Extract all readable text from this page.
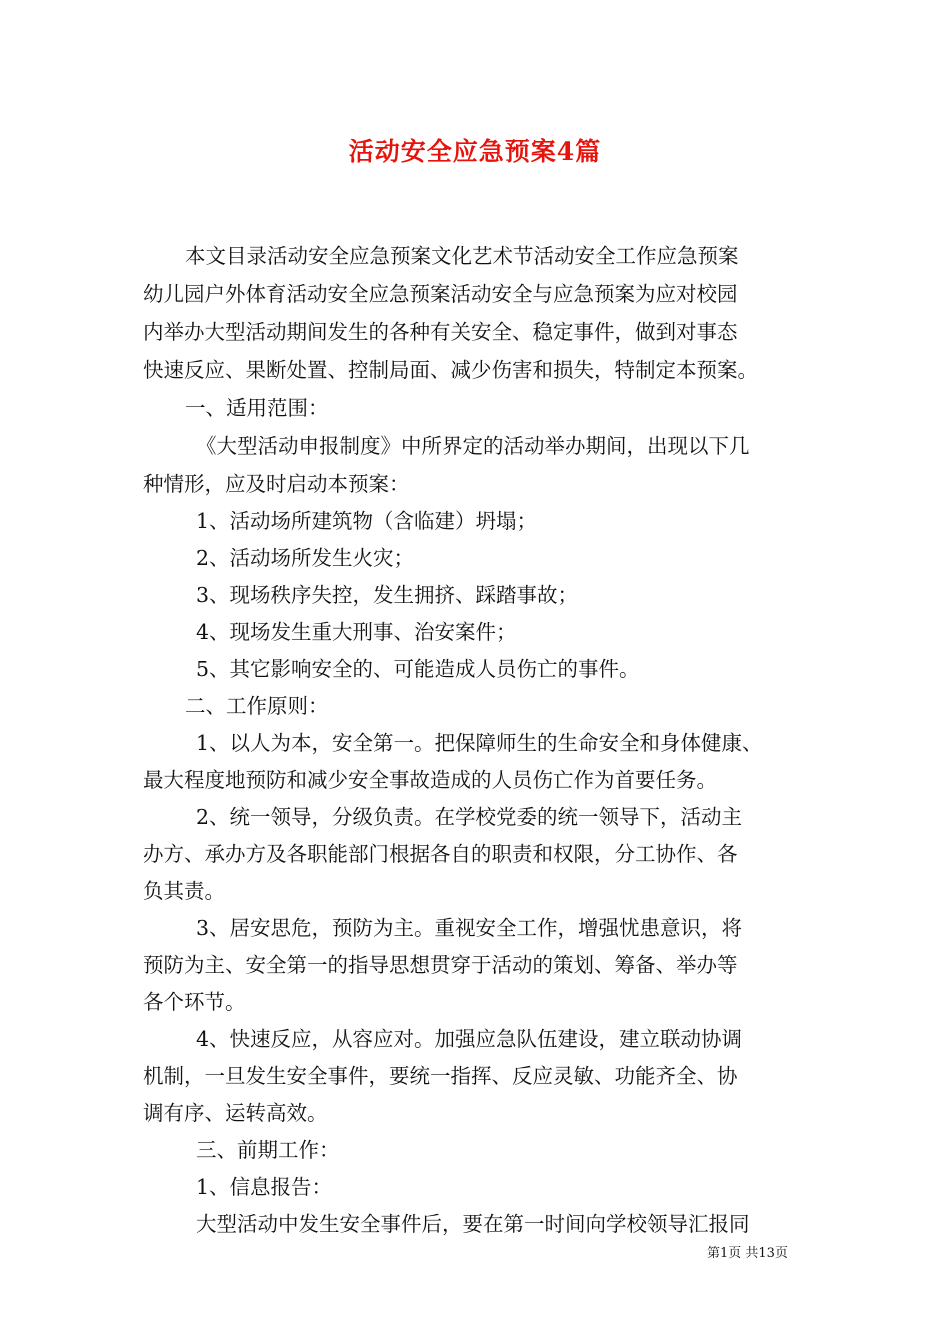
活动安全应急预案4篇
本文目录活动安全应急预案文化艺术节活动安全工作应急预案
幼儿园户外体育活动安全应急预案活动安全与应急预案为应对校园
内举办大型活动期间发生的各种有关安全、稳定事件，做到对事态
快速反应、果断处置、控制局面、减少伤害和损失，特制定本预案。
一、适用范围：
《大型活动申报制度》中所界定的活动举办期间，出现以下几
种情形，应及时启动本预案：
1、活动场所建筑物（含临建）坍塌；
2、活动场所发生火灾；
3、现场秩序失控，发生拥挤、踩踏事故；
4、现场发生重大刑事、治安案件；
5、其它影响安全的、可能造成人员伤亡的事件。
二、工作原则：
1、以人为本，安全第一。把保障师生的生命安全和身体健康、
最大程度地预防和减少安全事故造成的人员伤亡作为首要任务。
2、统一领导，分级负责。在学校党委的统一领导下，活动主
办方、承办方及各职能部门根据各自的职责和权限，分工协作、各
负其责。
3、居安思危，预防为主。重视安全工作，增强忧患意识，将
预防为主、安全第一的指导思想贯穿于活动的策划、筹备、举办等
各个环节。
4、快速反应，从容应对。加强应急队伍建设，建立联动协调
机制，一旦发生安全事件，要统一指挥、反应灵敏、功能齐全、协
调有序、运转高效。
三、前期工作：
1、信息报告：
大型活动中发生安全事件后，要在第一时间向学校领导汇报同
第1页 共13页
